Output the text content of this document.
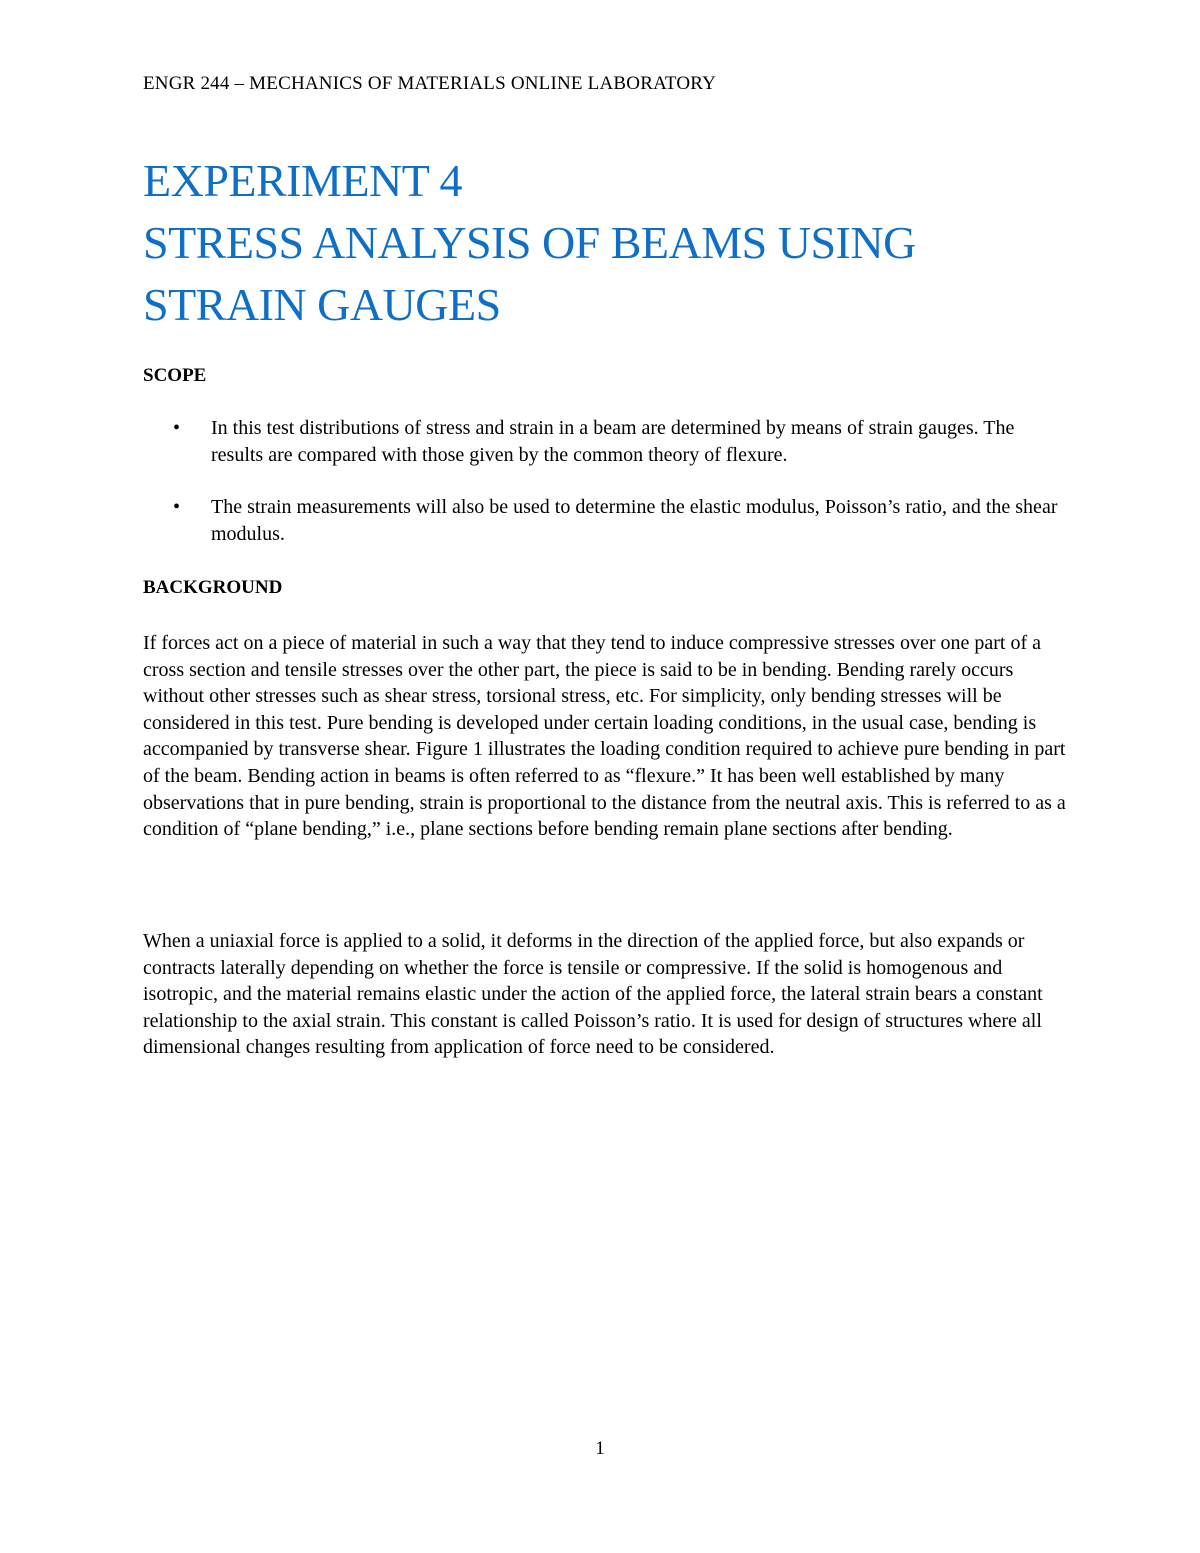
ENGR 244 – MECHANICS OF MATERIALS ONLINE LABORATORY
EXPERIMENT 4
STRESS ANALYSIS OF BEAMS USING
STRAIN GAUGES
SCOPE
• In this test distributions of stress and strain in a beam are determined by means of strain gauges. The results are compared with those given by the common theory of flexure.
• The strain measurements will also be used to determine the elastic modulus, Poisson’s ratio, and the shear modulus.
BACKGROUND

If forces act on a piece of material in such a way that they tend to induce compressive stresses over one part of a cross section and tensile stresses over the other part, the piece is said to be in bending. Bending rarely occurs without other stresses such as shear stress, torsional stress, etc. For simplicity, only bending stresses will be considered in this test. Pure bending is developed under certain loading conditions, in the usual case, bending is accompanied by transverse shear. Figure 1 illustrates the loading condition required to achieve pure bending in part of the beam. Bending action in beams is often referred to as “flexure.” It has been well established by many observations that in pure bending, strain is proportional to the distance from the neutral axis. This is referred to as a condition of “plane bending,” i.e., plane sections before bending remain plane sections after bending.

When a uniaxial force is applied to a solid, it deforms in the direction of the applied force, but also expands or contracts laterally depending on whether the force is tensile or compressive. If the solid is homogenous and isotropic, and the material remains elastic under the action of the applied force, the lateral strain bears a constant relationship to the axial strain. This constant is called Poisson’s ratio. It is used for design of structures where all dimensional changes resulting from application of force need to be considered.

1
